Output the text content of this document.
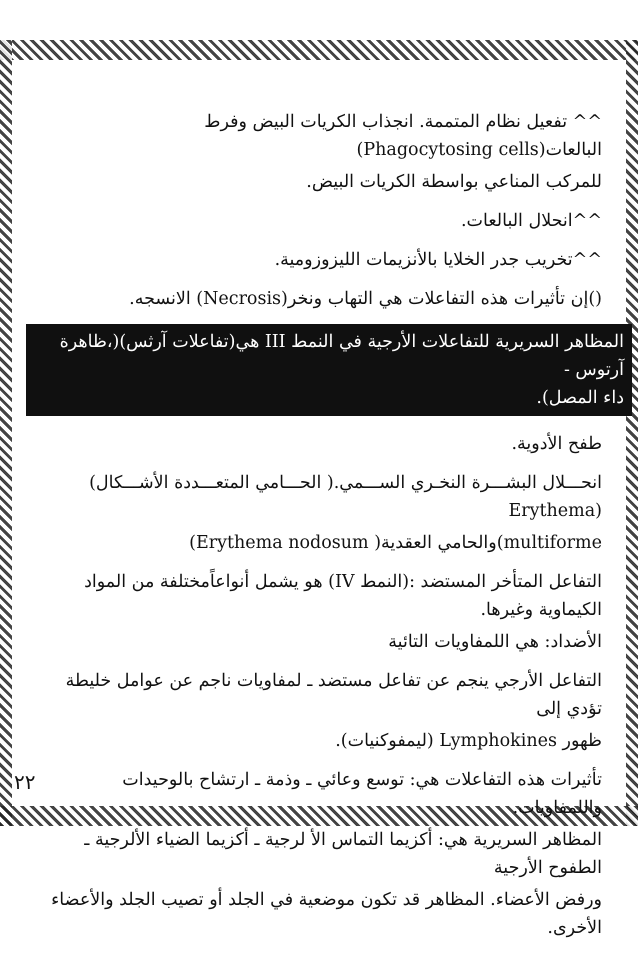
^^ تفعيل نظام المتممة. انجذاب الكريات البيض وفرط البالعات(Phagocytosing cells)

للمركب المناعي بواسطة الكريات البيض.

^^انحلال البالعات.

^^تخريب جدر الخلايا بالأنزيمات الليزوزومية.

()إن تأثيرات هذه التفاعلات هي التهاب ونخر(Necrosis) الانسجه.

المظاهر السريرية للتفاعلات الأرجية في النمط III هي(تفاعلات آرثس)(،ظاهرة آرتوس -
داء المصل).

طفح الأدوية.

انحـــلال البشـــرة النخـري الســـمي.( الحـــامي المتعـــددة الأشـــكال) (Erythema

multiforme)والحامي العقدية( Erythema nodosum)

التفاعل المتأخر المستضد :(النمط IV) هو يشمل أنواعاًمختلفة من المواد الكيماوية وغيرها.

الأضداد: هي اللمفاويات التائية

التفاعل الأرجي ينجم عن تفاعل مستضد ـ لمفاويات ناجم عن عوامل خليطة تؤدي إلى

ظهور Lymphokines (ليمفوكنيات).

تأثيرات هذه التفاعلات هي: توسع وعائي ـ وذمة ـ ارتشاح بالوحيدات واللمفاويات.

المظاهر السريرية هي: أكزيما التماس الأ لرجية ـ أكزيما الضياء الألرجية ـ الطفوح الأرجية

ورفض الأعضاء. المظاهر قد تكون موضعية في الجلد أو تصيب الجلد والأعضاء الأخرى.

٢٢
